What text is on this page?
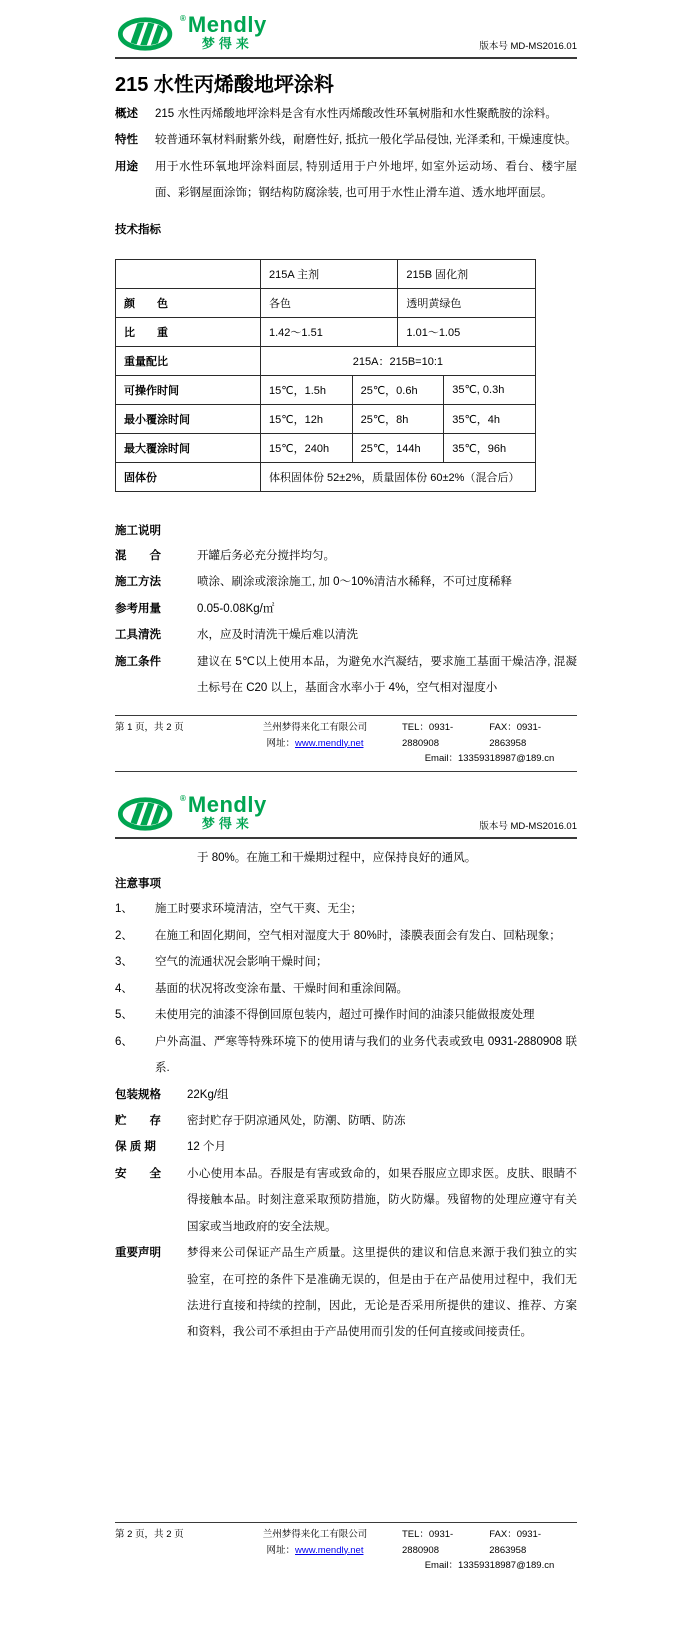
® Mendly
梦得来	版本号 MD-MS2016.01
215 水性丙烯酸地坪涂料
概述	215 水性丙烯酸地坪涂料是含有水性丙烯酸改性环氧树脂和水性聚酰胺的涂料。
特性	较普通环氧材料耐紫外线，耐磨性好, 抵抗一般化学品侵蚀, 光泽柔和, 干燥速度快。
用途	用于水性环氧地坪涂料面层, 特别适用于户外地坪, 如室外运动场、看台、楼宇屋面、彩钢屋面涂饰；钢结构防腐涂装, 也可用于水性止滑车道、透水地坪面层。
技术指标
	215A 主剂		215B 固化剂	
颜　　色	各色		透明黄绿色	
比　　重	1.42～1.51		1.01～1.05	
重量配比	215A：215B=10:1			
可操作时间	15℃，1.5h	25℃，0.6h		35℃, 0.3h
最小覆涂时间	15℃，12h	25℃，8h		35℃，4h
最大覆涂时间	15℃，240h	25℃，144h		35℃，96h
固体份	体积固体份 52±2%，质量固体份 60±2%（混合后）			
施工说明
混　　合	开罐后务必充分搅拌均匀。
施工方法	喷涂、刷涂或滚涂施工, 加 0～10%清洁水稀释，不可过度稀释
参考用量	0.05-0.08Kg/㎡
工具清洗	水，应及时清洗干燥后难以清洗
施工条件	建议在 5℃以上使用本品，为避免水汽凝结，要求施工基面干燥洁净, 混凝土标号在 C20 以上，基面含水率小于 4%，空气相对湿度小
第 1 页，共 2 页	兰州梦得来化工有限公司
网址：www.mendly.net
TEL：0931-2880908
FAX：0931-2863958
Email：13359318987@189.cn
® Mendly
梦得来	版本号 MD-MS2016.01

于 80%。在施工和干燥期过程中，应保持良好的通风。

注意事项
1、	施工时要求环境清洁，空气干爽、无尘；
2、	在施工和固化期间，空气相对湿度大于 80%时，漆膜表面会有发白、回粘现象；
3、	空气的流通状况会影响干燥时间；
4、	基面的状况将改变涂布量、干燥时间和重涂间隔。
5、	未使用完的油漆不得倒回原包装内，超过可操作时间的油漆只能做报废处理
6、	户外高温、严寒等特殊环境下的使用请与我们的业务代表或致电 0931-2880908 联系.
包装规格	22Kg/组
贮　　存	密封贮存于阴凉通风处，防潮、防晒、防冻
保 质 期	12 个月
安　　全	小心使用本品。吞服是有害或致命的，如果吞服应立即求医。皮肤、眼睛不得接触本品。时刻注意采取预防措施，防火防爆。残留物的处理应遵守有关国家或当地政府的安全法规。
重要声明	梦得来公司保证产品生产质量。这里提供的建议和信息来源于我们独立的实验室，在可控的条件下是准确无误的，但是由于在产品使用过程中，我们无法进行直接和持续的控制，因此，无论是否采用所提供的建议、推荐、方案和资料，我公司不承担由于产品使用而引发的任何直接或间接责任。
第 2 页，共 2 页	兰州梦得来化工有限公司
网址：www.mendly.net
TEL：0931-2880908
FAX：0931-2863958
Email：13359318987@189.cn
